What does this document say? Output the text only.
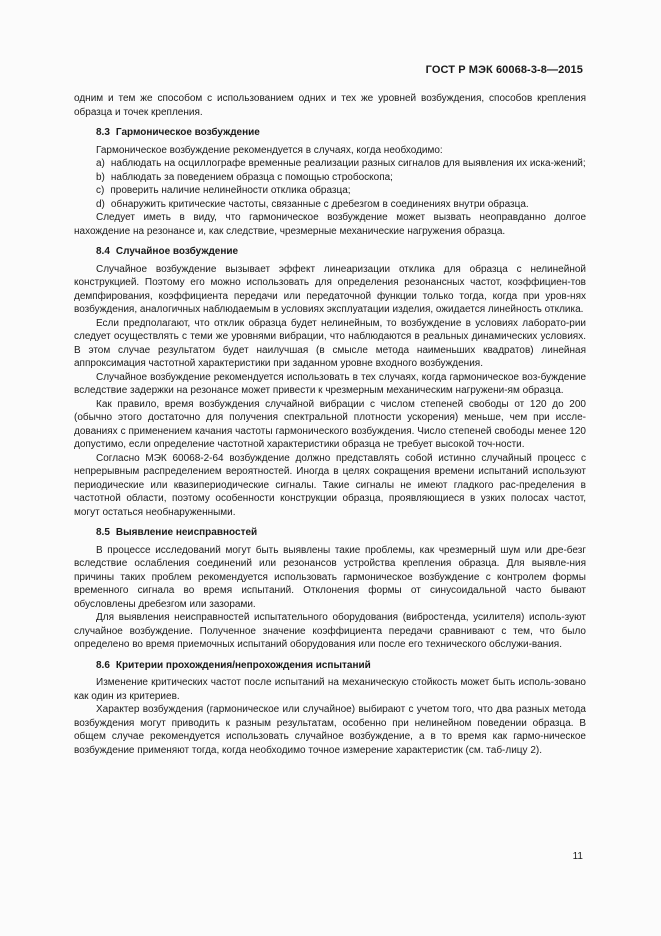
ГОСТ Р МЭК 60068-3-8—2015

одним и тем же способом с использованием одних и тех же уровней возбуждения, способов крепления образца и точек крепления.

8.3 Гармоническое возбуждение

Гармоническое возбуждение рекомендуется в случаях, когда необходимо:

a) наблюдать на осциллографе временные реализации разных сигналов для выявления их иска-жений;

b) наблюдать за поведением образца с помощью стробоскопа;

c) проверить наличие нелинейности отклика образца;

d) обнаружить критические частоты, связанные с дребезгом в соединениях внутри образца.

Следует иметь в виду, что гармоническое возбуждение может вызвать неоправданно долгое нахождение на резонансе и, как следствие, чрезмерные механические нагружения образца.

8.4 Случайное возбуждение

Случайное возбуждение вызывает эффект линеаризации отклика для образца с нелинейной конструкцией. Поэтому его можно использовать для определения резонансных частот, коэффициен-тов демпфирования, коэффициента передачи или передаточной функции только тогда, когда при уров-нях возбуждения, аналогичных наблюдаемым в условиях эксплуатации изделия, ожидается линейность отклика.

Если предполагают, что отклик образца будет нелинейным, то возбуждение в условиях лаборато-рии следует осуществлять с теми же уровнями вибрации, что наблюдаются в реальных динамических условиях. В этом случае результатом будет наилучшая (в смысле метода наименьших квадратов) линейная аппроксимация частотной характеристики при заданном уровне входного возбуждения.

Случайное возбуждение рекомендуется использовать в тех случаях, когда гармоническое воз-буждение вследствие задержки на резонансе может привести к чрезмерным механическим нагружени-ям образца.

Как правило, время возбуждения случайной вибрации с числом степеней свободы от 120 до 200 (обычно этого достаточно для получения спектральной плотности ускорения) меньше, чем при иссле-дованиях с применением качания частоты гармонического возбуждения. Число степеней свободы менее 120 допустимо, если определение частотной характеристики образца не требует высокой точ-ности.

Согласно МЭК 60068-2-64 возбуждение должно представлять собой истинно случайный процесс с непрерывным распределением вероятностей. Иногда в целях сокращения времени испытаний используют периодические или квазипериодические сигналы. Такие сигналы не имеют гладкого рас-пределения в частотной области, поэтому особенности конструкции образца, проявляющиеся в узких полосах частот, могут остаться необнаруженными.

8.5 Выявление неисправностей

В процессе исследований могут быть выявлены такие проблемы, как чрезмерный шум или дре-безг вследствие ослабления соединений или резонансов устройства крепления образца. Для выявле-ния причины таких проблем рекомендуется использовать гармоническое возбуждение с контролем формы временного сигнала во время испытаний. Отклонения формы от синусоидальной часто бывают обусловлены дребезгом или зазорами.

Для выявления неисправностей испытательного оборудования (вибростенда, усилителя) исполь-зуют случайное возбуждение. Полученное значение коэффициента передачи сравнивают с тем, что было определено во время приемочных испытаний оборудования или после его технического обслужи-вания.

8.6 Критерии прохождения/непрохождения испытаний

Изменение критических частот после испытаний на механическую стойкость может быть исполь-зовано как один из критериев.

Характер возбуждения (гармоническое или случайное) выбирают с учетом того, что два разных метода возбуждения могут приводить к разным результатам, особенно при нелинейном поведении образца. В общем случае рекомендуется использовать случайное возбуждение, а в то время как гармо-ническое возбуждение применяют тогда, когда необходимо точное измерение характеристик (см. таб-лицу 2).

11
